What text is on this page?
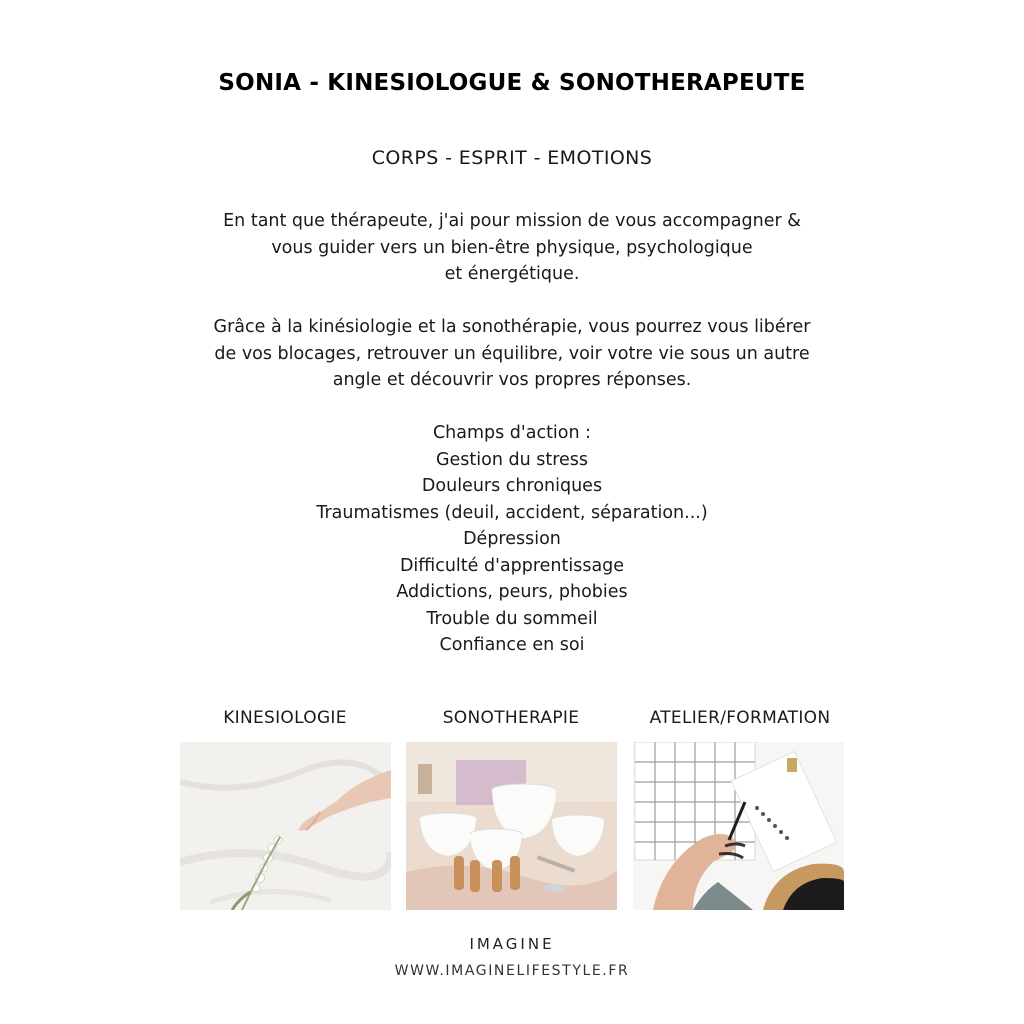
SONIA - KINESIOLOGUE & SONOTHERAPEUTE
CORPS - ESPRIT - EMOTIONS
En tant que thérapeute, j'ai pour mission de vous accompagner &
vous guider vers un bien-être physique, psychologique
et énergétique.
Grâce à la kinésiologie et la sonothérapie, vous pourrez vous libérer
de vos blocages, retrouver un équilibre, voir votre vie sous un autre
angle et découvrir vos propres réponses.
Champs d'action :
Gestion du stress
Douleurs chroniques
Traumatismes (deuil, accident, séparation...)
Dépression
Difficulté d'apprentissage
Addictions, peurs, phobies
Trouble du sommeil
Confiance en soi
KINESIOLOGIE	SONOTHERAPIE	ATELIER/FORMATION
IMAGINE
WWW.IMAGINELIFESTYLE.FR
